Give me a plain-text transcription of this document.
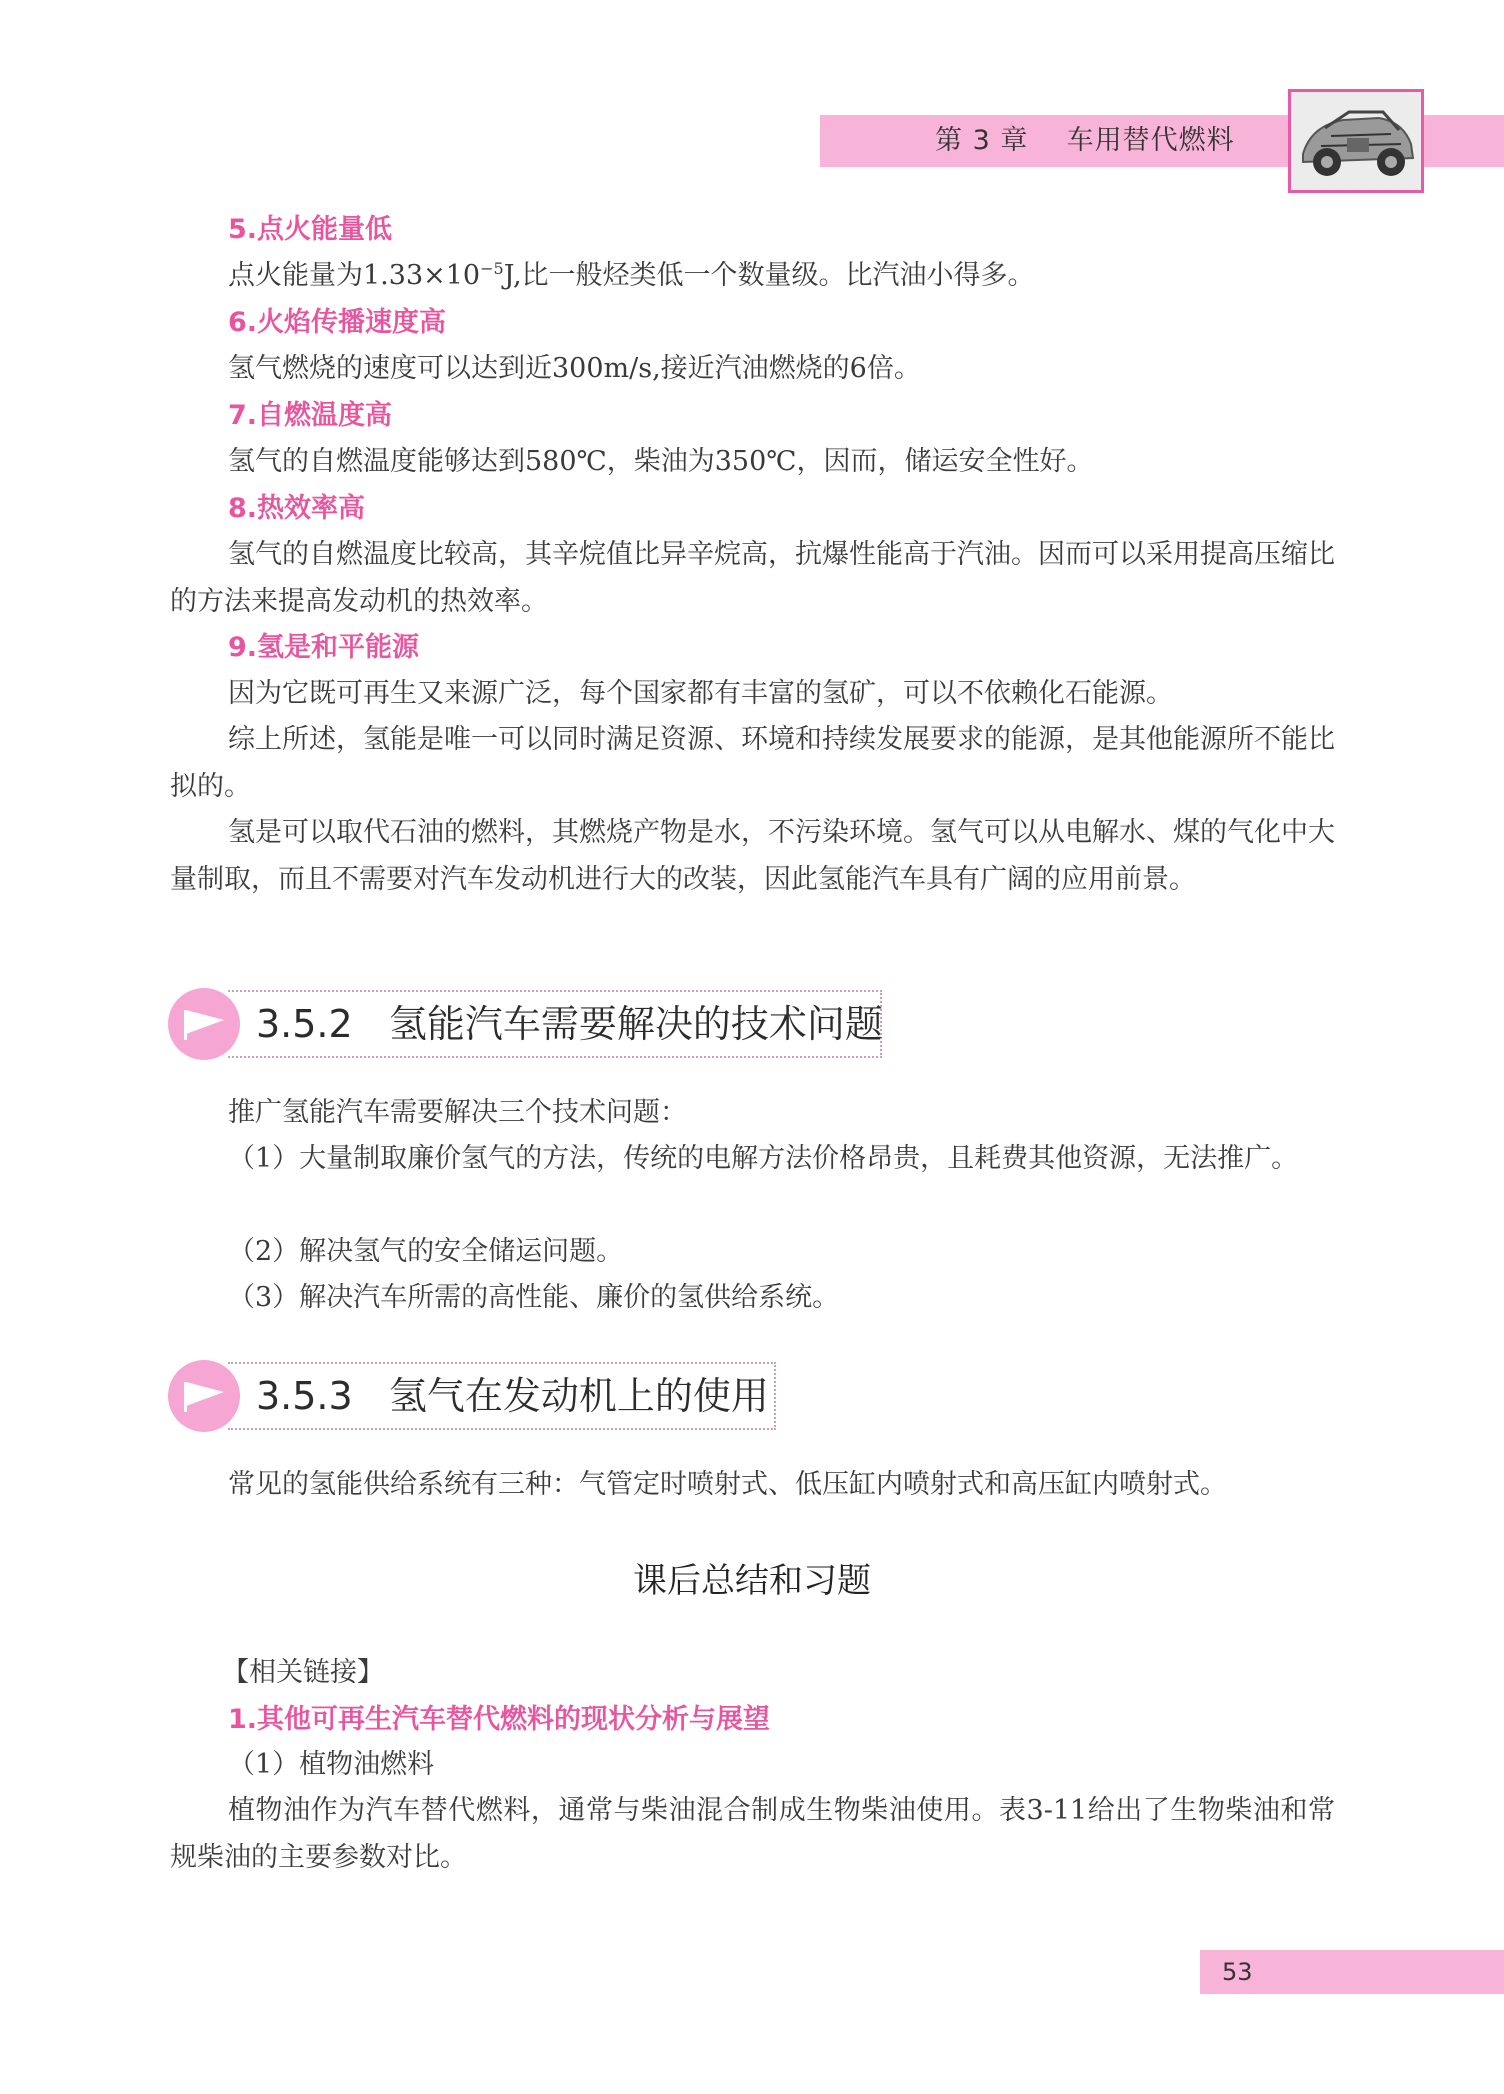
第 3 章    车用替代燃料
5.点火能量低

点火能量为$1.33\times 10^{-5}J$,比一般烃类低一个数量级。比汽油小得多。

6.火焰传播速度高

氢气燃烧的速度可以达到近300m/s,接近汽油燃烧的6倍。

7.自燃温度高

氢气的自燃温度能够达到580℃，柴油为350℃，因而，储运安全性好。

8.热效率高

氢气的自燃温度比较高，其辛烷值比异辛烷高，抗爆性能高于汽油。因而可以采用提高压缩比的方法来提高发动机的热效率。

9.氢是和平能源

因为它既可再生又来源广泛，每个国家都有丰富的氢矿，可以不依赖化石能源。

综上所述，氢能是唯一可以同时满足资源、环境和持续发展要求的能源，是其他能源所不能比拟的。

氢是可以取代石油的燃料，其燃烧产物是水，不污染环境。氢气可以从电解水、煤的气化中大量制取，而且不需要对汽车发动机进行大的改装，因此氢能汽车具有广阔的应用前景。

3.5.2   氢能汽车需要解决的技术问题

推广氢能汽车需要解决三个技术问题：

（1）大量制取廉价氢气的方法，传统的电解方法价格昂贵，且耗费其他资源，无法推广。

（2）解决氢气的安全储运问题。

（3）解决汽车所需的高性能、廉价的氢供给系统。

3.5.3   氢气在发动机上的使用

常见的氢能供给系统有三种：气管定时喷射式、低压缸内喷射式和高压缸内喷射式。

课后总结和习题

【相关链接】

1.其他可再生汽车替代燃料的现状分析与展望

（1）植物油燃料

植物油作为汽车替代燃料，通常与柴油混合制成生物柴油使用。表3-11给出了生物柴油和常规柴油的主要参数对比。

53
